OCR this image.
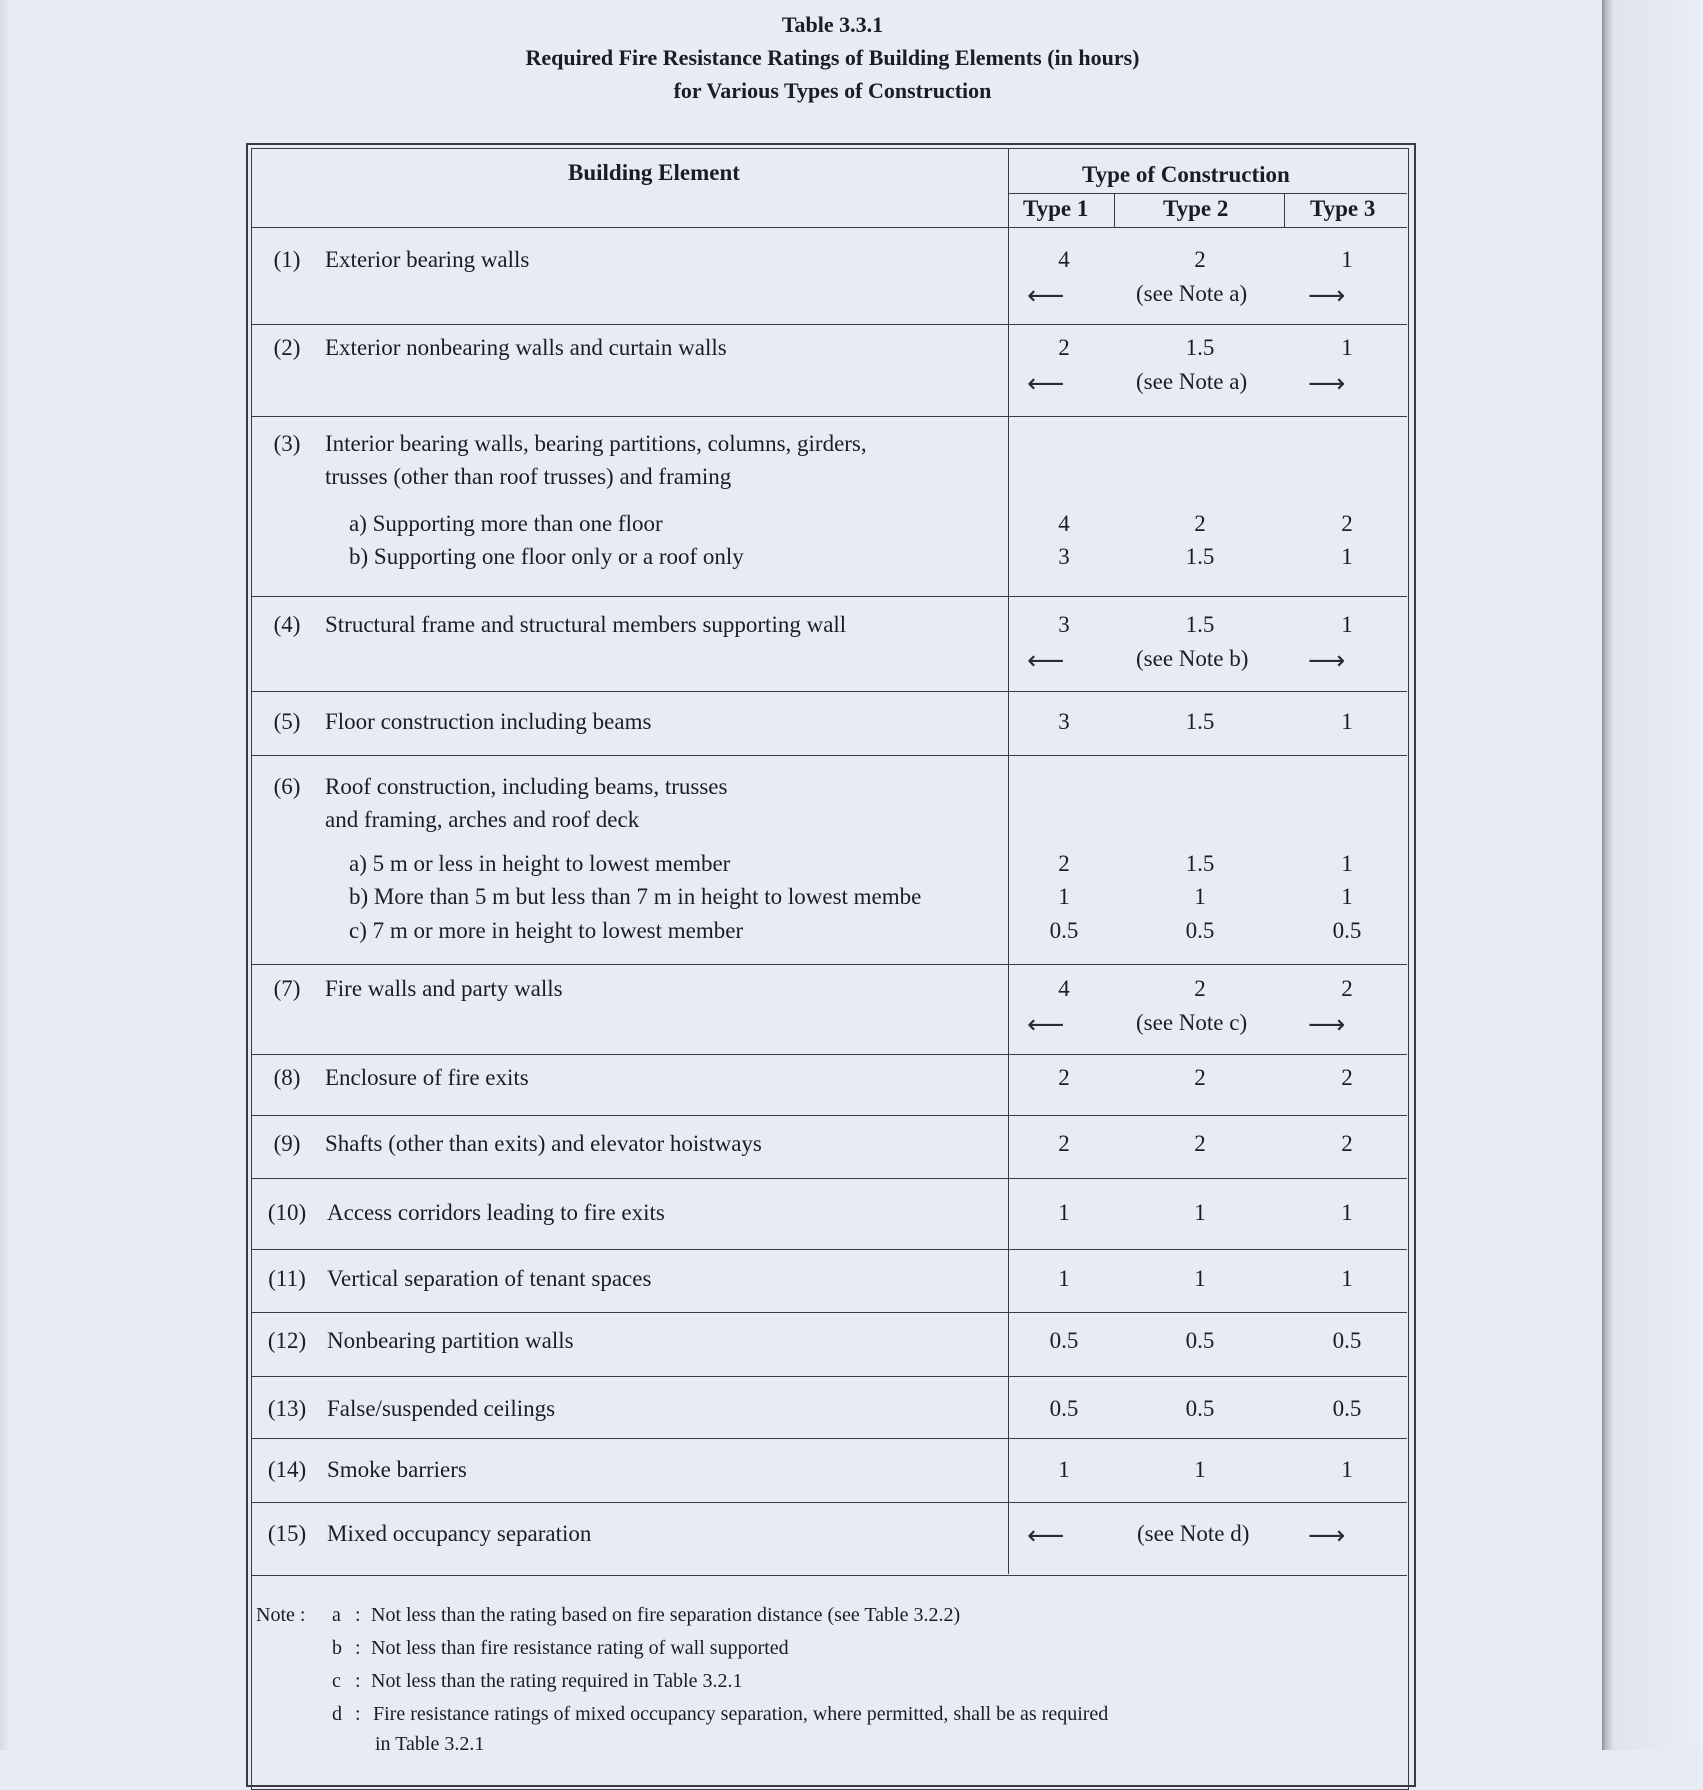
Table 3.3.1
Required Fire Resistance Ratings of Building Elements (in hours)
for Various Types of Construction
Building Element	Type of Construction
Type 1	Type 2	Type 3
(1)	Exterior bearing walls	4	2	1
⟵	(see Note a) ⟶
(2)	Exterior nonbearing walls and curtain walls	2	1.5	1
⟵	(see Note a) ⟶
(3)	Interior bearing walls, bearing partitions, columns, girders,
trusses (other than roof trusses) and framing
a) Supporting more than one floor	4	2	2
b) Supporting one floor only or a roof only	3	1.5	1
(4)	Structural frame and structural members supporting wall	3	1.5	1
⟵	(see Note b) ⟶
(5)	Floor construction including beams	3	1.5	1
(6)	Roof construction, including beams, trusses
and framing, arches and roof deck
a) 5 m or less in height to lowest member	2	1.5	1
b) More than 5 m but less than 7 m in height to lowest membe	1	1	1
c) 7 m or more in height to lowest member	0.5	0.5	0.5
(7)	Fire walls and party walls	4	2	2
⟵	(see Note c) ⟶
(8)	Enclosure of fire exits	2	2	2
(9)	Shafts (other than exits) and elevator hoistways	2	2	2
(10) Access corridors leading to fire exits	1	1	1
(11) Vertical separation of tenant spaces	1	1	1
(12) Nonbearing partition walls	0.5	0.5	0.5
(13) False/suspended ceilings	0.5	0.5	0.5
(14) Smoke barriers	1	1	1
(15) Mixed occupancy separation	⟵	(see Note d) ⟶
Note : a : Not less than the rating based on fire separation distance (see Table 3.2.2)
b : Not less than fire resistance rating of wall supported
c : Not less than the rating required in Table 3.2.1
d : Fire resistance ratings of mixed occupancy separation, where permitted, shall be as required
in Table 3.2.1
